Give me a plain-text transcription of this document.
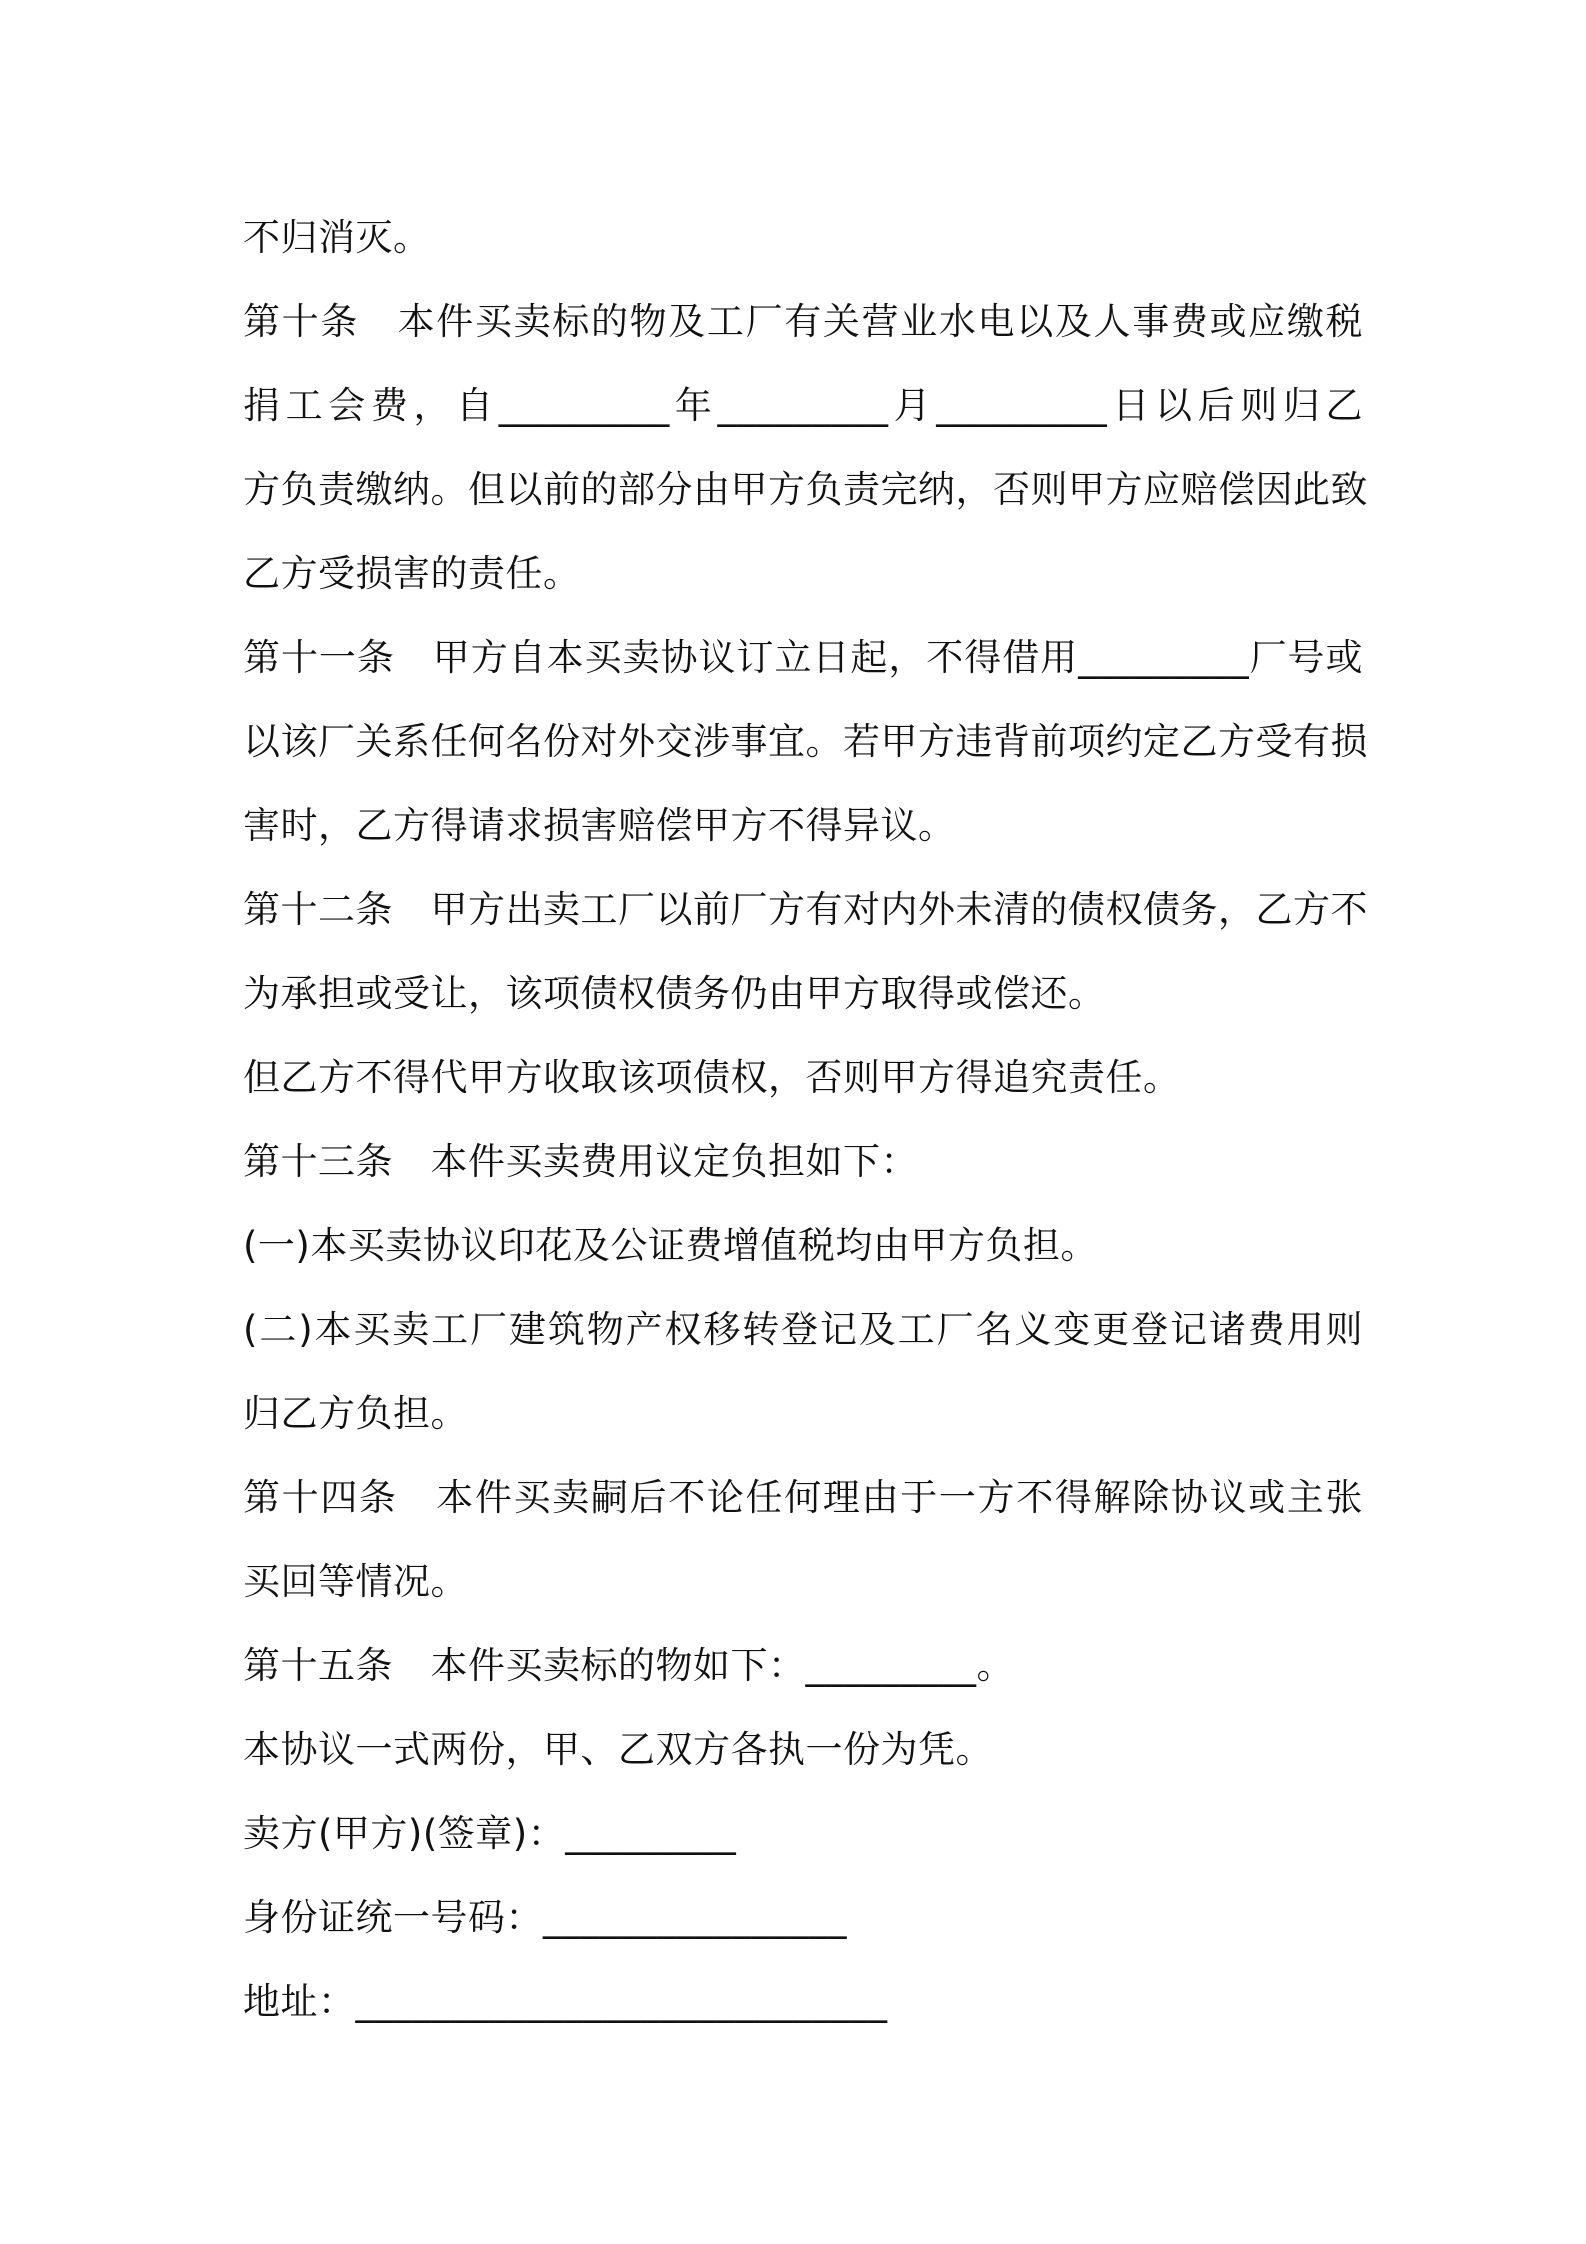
不归消灭。
第十条　本件买卖标的物及工厂有关营业水电以及人事费或应缴税
捐工会费，自_________年_________月_________日以后则归乙
方负责缴纳。但以前的部分由甲方负责完纳，否则甲方应赔偿因此致
乙方受损害的责任。
第十一条　甲方自本买卖协议订立日起，不得借用_________厂号或
以该厂关系任何名份对外交涉事宜。若甲方违背前项约定乙方受有损
害时，乙方得请求损害赔偿甲方不得异议。
第十二条　甲方出卖工厂以前厂方有对内外未清的债权债务，乙方不
为承担或受让，该项债权债务仍由甲方取得或偿还。
但乙方不得代甲方收取该项债权，否则甲方得追究责任。
第十三条　本件买卖费用议定负担如下：
(一)本买卖协议印花及公证费增值税均由甲方负担。
(二)本买卖工厂建筑物产权移转登记及工厂名义变更登记诸费用则
归乙方负担。
第十四条　本件买卖嗣后不论任何理由于一方不得解除协议或主张
买回等情况。
第十五条　本件买卖标的物如下：_________。
本协议一式两份，甲、乙双方各执一份为凭。
卖方(甲方)(签章)：_________
身份证统一号码：________________
地址：____________________________
